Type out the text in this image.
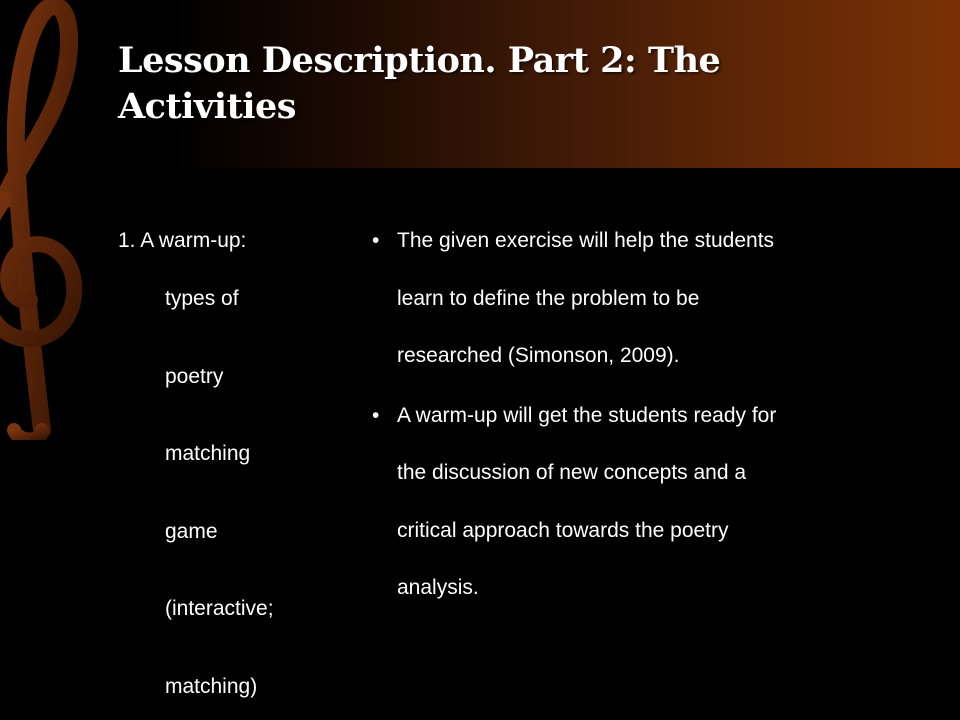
Lesson Description. Part 2: The
Activities
1. A warm-up:
types of
poetry
matching
game
(interactive;
matching)
• The given exercise will help the students
learn to define the problem to be
researched (Simonson, 2009).
• A warm-up will get the students ready for
the discussion of new concepts and a
critical approach towards the poetry
analysis.
